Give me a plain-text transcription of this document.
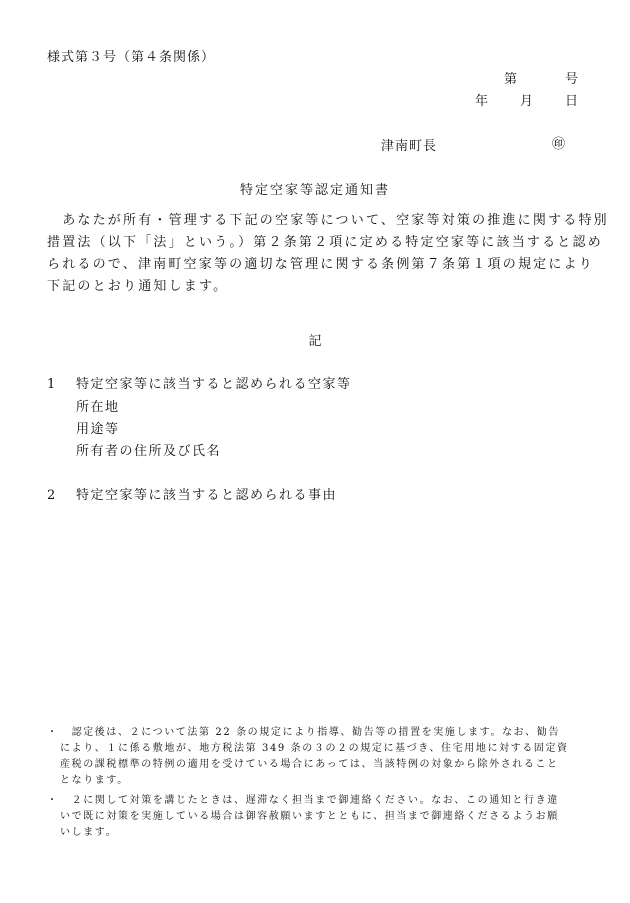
様式第３号（第４条関係）
第	号
年 月 日
津南町長	㊞
特定空家等認定通知書
　あなたが所有・管理する下記の空家等について、空家等対策の推進に関する特別
措置法（以下「法」という。）第２条第２項に定める特定空家等に該当すると認め
られるので、津南町空家等の適切な管理に関する条例第７条第１項の規定により
下記のとおり通知します。
記
1 特定空家等に該当すると認められる空家等
所在地
用途等
所有者の住所及び氏名
2 特定空家等に該当すると認められる事由
・ 　認定後は、２について法第 22 条の規定により指導、勧告等の措置を実施します。なお、勧告
により、１に係る敷地が、地方税法第 349 条の３の２の規定に基づき、住宅用地に対する固定資
産税の課税標準の特例の適用を受けている場合にあっては、当該特例の対象から除外されること
となります。
・ 　２に関して対策を講じたときは、遅滞なく担当まで御連絡ください。なお、この通知と行き違
いで既に対策を実施している場合は御容赦願いますとともに、担当まで御連絡くださるようお願
いします。
